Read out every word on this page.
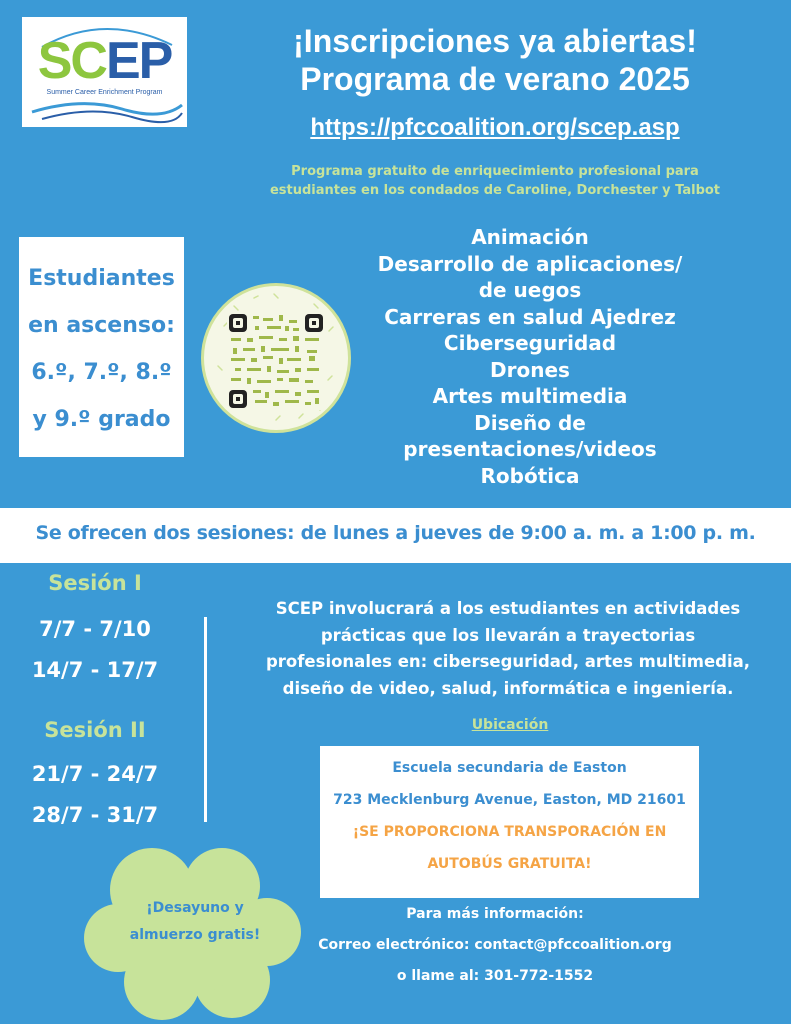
SCEP
Summer Career Enrichment Program
¡Inscripciones ya abiertas!
Programa de verano 2025
https://pfccoalition.org/scep.asp
Programa gratuito de enriquecimiento profesional para
estudiantes en los condados de Caroline, Dorchester y Talbot
Estudiantes
en ascenso:
6.º, 7.º, 8.º
y 9.º grado
Animación
Desarrollo de aplicaciones/
de uegos
Carreras en salud Ajedrez
Ciberseguridad
Drones
Artes multimedia
Diseño de
presentaciones/videos
Robótica
Se ofrecen dos sesiones: de lunes a jueves de 9:00 a. m. a 1:00 p. m.
Sesión I
7/7 - 7/10
14/7 - 17/7
Sesión II
21/7 - 24/7
28/7 - 31/7
SCEP involucrará a los estudiantes en actividades
prácticas que los llevarán a trayectorias
profesionales en: ciberseguridad, artes multimedia,
diseño de video, salud, informática e ingeniería.
Ubicación
Escuela secundaria de Easton
723 Mecklenburg Avenue, Easton, MD 21601
¡SE PROPORCIONA TRANSPORACIÓN EN
AUTOBÚS GRATUITA!
¡Desayuno y
almuerzo gratis!
Para más información:
Correo electrónico: contact@pfccoalition.org
o llame al: 301-772-1552
